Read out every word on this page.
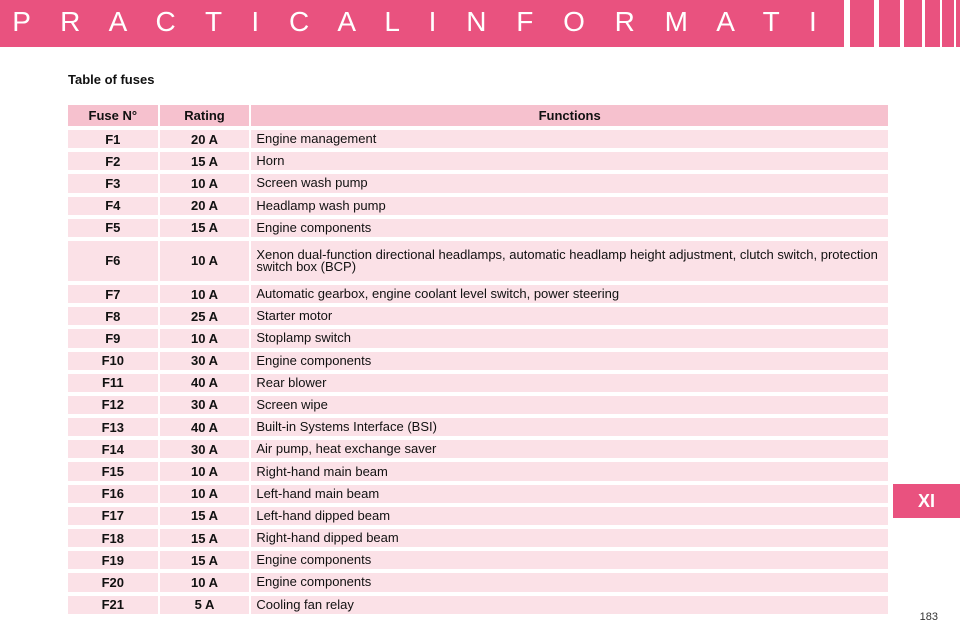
P R A C T I C A L I N F O R M A T I O N
Table of fuses
Fuse N°	Rating	Functions
F1	20 A	Engine management
F2	15 A	Horn
F3	10 A	Screen wash pump
F4	20 A	Headlamp wash pump
F5	15 A	Engine components
F6	10 A	Xenon dual-function directional headlamps, automatic headlamp height adjustment, clutch switch, protection switch box (BCP)
F7	10 A	Automatic gearbox, engine coolant level switch, power steering
F8	25 A	Starter motor
F9	10 A	Stoplamp switch
F10	30 A	Engine components
F11	40 A	Rear blower
F12	30 A	Screen wipe
F13	40 A	Built-in Systems Interface (BSI)
F14	30 A	Air pump, heat exchange saver
F15	10 A	Right-hand main beam
F16	10 A	Left-hand main beam
F17	15 A	Left-hand dipped beam
F18	15 A	Right-hand dipped beam
F19	15 A	Engine components
F20	10 A	Engine components
F21	5 A	Cooling fan relay
XI
183
